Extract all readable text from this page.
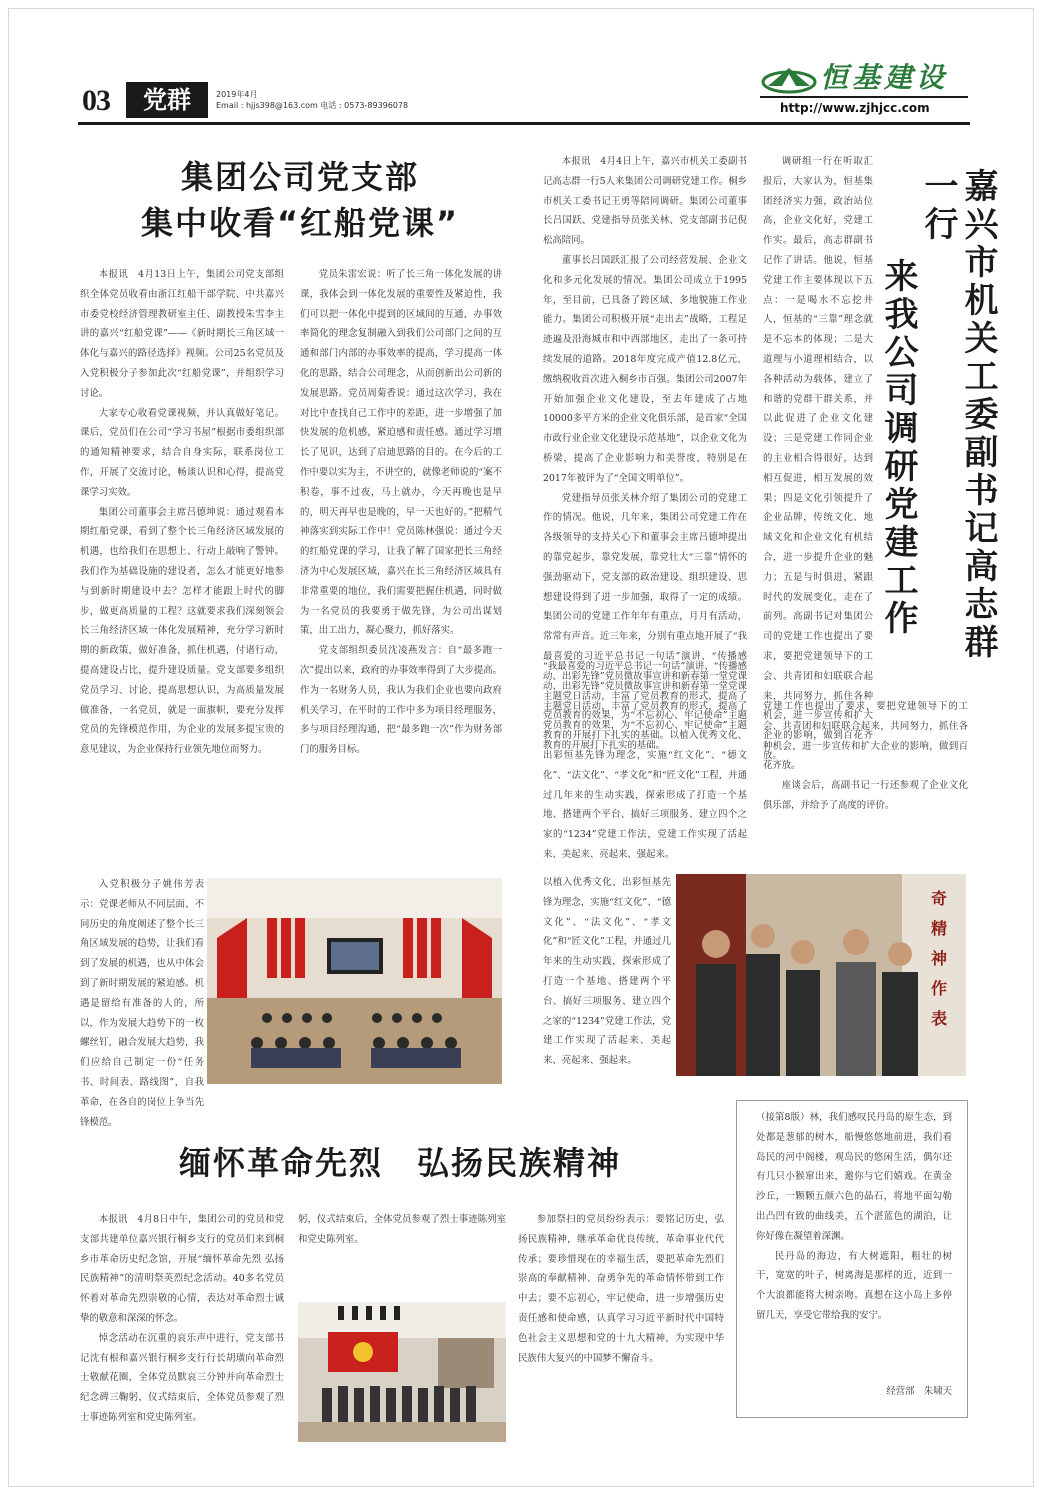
03	党群	2019年4月
Email : hjjs398@163.com 电话 : 0573-89396078
恒基建设
http://www.zjhjcc.com
集团公司党支部
集中收看“红船党课”

本报讯　4月13日上午，集团公司党支部组织全体党员收看由浙江红船干部学院、中共嘉兴市委党校经济管理教研室主任、副教授朱雪李主讲的嘉兴“红船党课”——《新时期长三角区域一体化与嘉兴的路径选择》视频。公司25名党员及入党积极分子参加此次“红船党课”，并组织学习讨论。

大家专心收看党课视频，并认真做好笔记。课后，党员们在公司“学习书屋”根据市委组织部的通知精神要求，结合自身实际，联系岗位工作，开展了交流讨论，畅谈认识和心得，提高党课学习实效。

集团公司董事会主席吕德坤说：通过观看本期红船党课，看到了整个长三角经济区域发展的机遇，也给我们在思想上、行动上敲响了警钟。我们作为基础设施的建设者，怎么才能更好地参与到新时期建设中去？怎样才能跟上时代的脚步，做更高质量的工程？这就要求我们深刻领会长三角经济区域一体化发展精神，充分学习新时期的新政策，做好准备，抓住机遇，付诸行动，提高建设占比，提升建设质量。党支部要多组织党员学习、讨论、提高思想认识，为高质量发展做准备，一名党员，就是一面旗帜，要充分发挥党员的先锋模范作用，为企业的发展多提宝贵的意见建议，为企业保持行业领先地位而努力。

入党积极分子姚伟芳表示：党课老师从不同层面、不同历史的角度阐述了整个长三角区域发展的趋势，让我们看到了发展的机遇，也从中体会到了新时期发展的紧迫感。机遇是留给有准备的人的，所以，作为发展大趋势下的一枚螺丝钉，融合发展大趋势，我们应给自己制定一份“任务书、时间表、路线图”，自我革命，在各自的岗位上争当先锋模范。

党员朱雷宏说：听了长三角一体化发展的讲课，我体会到一体化发展的重要性及紧迫性，我们可以把一体化中提到的区域间的互通，办事效率简化的理念复制融入到我们公司部门之间的互通和部门内部的办事效率的提高，学习提高一体化的思路，结合公司理念，从而创新出公司新的发展思路。党员周菊香说：通过这次学习，我在对比中查找自己工作中的差距，进一步增强了加快发展的危机感，紧迫感和责任感。通过学习增长了见识，达到了启迪思路的目的。在今后的工作中要以实为主，不讲空的，就像老师说的“案不积卷，事不过夜，马上就办，今天再晚也是早的，明天再早也是晚的，早一天也好的。”把精气神落实到实际工作中！党员陈林强说：通过今天的红船党课的学习，让我了解了国家把长三角经济为中心发展区域，嘉兴在长三角经济区域具有非常重要的地位，我们需要把握住机遇，同时做为一名党员的我要勇于做先锋，为公司出谋划策，出工出力，凝心聚力，抓好落实。

党支部组织委员沈凌燕发言：自“最多跑一次”提出以来，政府的办事效率得到了大步提高。作为一名财务人员，我认为我们企业也要向政府机关学习，在平时的工作中多为项目经理服务，多与项目经理沟通，把“最多跑一次”作为财务部门的服务目标。

本报讯　4月4日上午，嘉兴市机关工委副书记高志群一行5人来集团公司调研党建工作。桐乡市机关工委书记王勇等陪同调研。集团公司董事长吕国跃、党建指导员张关林、党支部副书记倪松高陪同。

董事长吕国跃汇报了公司经营发展、企业文化和多元化发展的情况。集团公司成立于1995年，至目前，已具备了跨区域、多地貌施工作业能力。集团公司积极开展“走出去”战略，工程足迹遍及沿海城市和中西部地区，走出了一条可持续发展的道路。2018年度完成产值12.8亿元，缴纳税收首次进入桐乡市百强。集团公司2007年开始加强企业文化建设，至去年建成了占地10000多平方米的企业文化俱乐部，是首家“全国市政行业企业文化建设示范基地”，以企业文化为桥梁，提高了企业影响力和美誉度，特别是在2017年被评为了“全国文明单位”。

党建指导员张关林介绍了集团公司的党建工作的情况。他说，几年来，集团公司党建工作在各级领导的支持关心下和董事会主席吕德坤提出的靠党起步，靠党发展，靠党壮大“三靠”情怀的强劲驱动下，党支部的政治建设、组织建设、思想建设得到了进一步加强，取得了一定的成绩。集团公司的党建工作年年有重点，月月有活动，常常有声音。近三年来，分别有重点地开展了“我最喜爱的习近平总书记一句话”演讲、“传播感动、出彩先锋”党员微故事宣讲和新春第一堂党课主题党日活动，丰富了党员教育的形式，提高了党员教育的效果，为“不忘初心、牢记使命”主题教育的开展打下扎实的基础。以植入优秀文化、出彩恒基先锋为理念，实施“红文化”、“德文化”、“法文化”、“孝文化”和“匠文化”工程，并通过几年来的生动实践，探索形成了打造一个基地、搭建两个平台、搞好三项服务、建立四个之家的“1234”党建工作法，党建工作实现了活起来、美起来、亮起来、强起来。

“我最喜爱的习近平总书记一句话”演讲、“传播感动、出彩先锋”党员微故事宣讲和新春第一堂党课主题党日活动，丰富了党员教育的形式，提高了党员教育的效果，为“不忘初心、牢记使命”主题教育的开展打下扎实的基础。

以植入优秀文化、出彩恒基先锋为理念，实施“红文化”、“德文化”、“法文化”、“孝文化”和“匠文化”工程，并通过几年来的生动实践，探索形成了打造一个基地、搭建两个平台、搞好三项服务、建立四个之家的“1234”党建工作法，党建工作实现了活起来、美起来、亮起来、强起来。

调研组一行在听取汇报后，大家认为，恒基集团经济实力强，政治站位高，企业文化好，党建工作实。最后，高志群副书记作了讲话。他说，恒基党建工作主要体现以下五点：一是喝水不忘挖井人，恒基的“三靠”理念就是不忘本的体现；二是大道理与小道理相结合，以各种活动为载体，建立了和谐的党群干群关系，并以此促进了企业文化建设；三是党建工作同企业的主业相合得很好，达到相互促进，相互发展的效果；四是文化引领提升了企业品牌，传统文化、地域文化和企业文化有机结合，进一步提升企业的魅力；五是与时俱进，紧跟时代的发展变化，走在了前列。高副书记对集团公司的党建工作也提出了要求，要把党建领导下的工会、共青团和妇联联合起来，共同努力，抓住各种机会，进一步宣传和扩大企业的影响，做到百花齐放。

党建工作也提出了要求，要把党建领导下的工会、共青团和妇联联合起来，共同努力，抓住各种机会，进一步宣传和扩大企业的影响，做到百花齐放。

座谈会后，高副书记一行还参观了企业文化俱乐部，并给予了高度的评价。

嘉兴市机关工委副书记高志群一行
来我公司调研党建工作
奇
精
神
作
表
缅怀革命先烈　弘扬民族精神

本报讯　4月8日中午，集团公司的党员和党支部共建单位嘉兴银行桐乡支行的党员们来到桐乡市革命历史纪念馆，开展“缅怀革命先烈 弘扬民族精神”的清明祭英烈纪念活动。40多名党员怀着对革命先烈崇敬的心情，表达对革命烈士诚挚的敬意和深深的怀念。

悼念活动在沉重的哀乐声中进行，党支部书记沈有根和嘉兴银行桐乡支行行长胡璜向革命烈士敬献花圈，全体党员默哀三分钟并向革命烈士纪念碑三鞠躬，仪式结束后，全体党员参观了烈士事迹陈列室和党史陈列室。

躬，仪式结束后，全体党员参观了烈士事迹陈列室和党史陈列室。

参加祭扫的党员纷纷表示：要铭记历史，弘扬民族精神，继承革命优良传统，革命事业代代传承；要珍惜现在的幸福生活，要把革命先烈们崇高的奉献精神、奋勇争先的革命情怀带到工作中去；要不忘初心，牢记使命，进一步增强历史责任感和使命感，认真学习习近平新时代中国特色社会主义思想和党的十九大精神，为实现中华民族伟大复兴的中国梦不懈奋斗。

（接第8版）林，我们感叹民丹岛的原生态，到处都是葱郁的树木，船慢悠悠地前进，我们看岛民的河中阁楼，观岛民的悠闲生活，偶尔还有几只小猴窜出来，邀你与它们嬉戏。在黄金沙丘，一颗颗五颜六色的晶石，将地平面勾勒出凸凹有致的曲线美，五个湛蓝色的湖泊，让你好像在凝望着深渊。

民丹岛的海边，有大树遮阳，粗壮的树干，宽宽的叶子，树离海是那样的近，近到一个大浪都能将大树亲吻。真想在这小岛上多停留几天，享受它带给我的安宁。

经营部　朱啸天
